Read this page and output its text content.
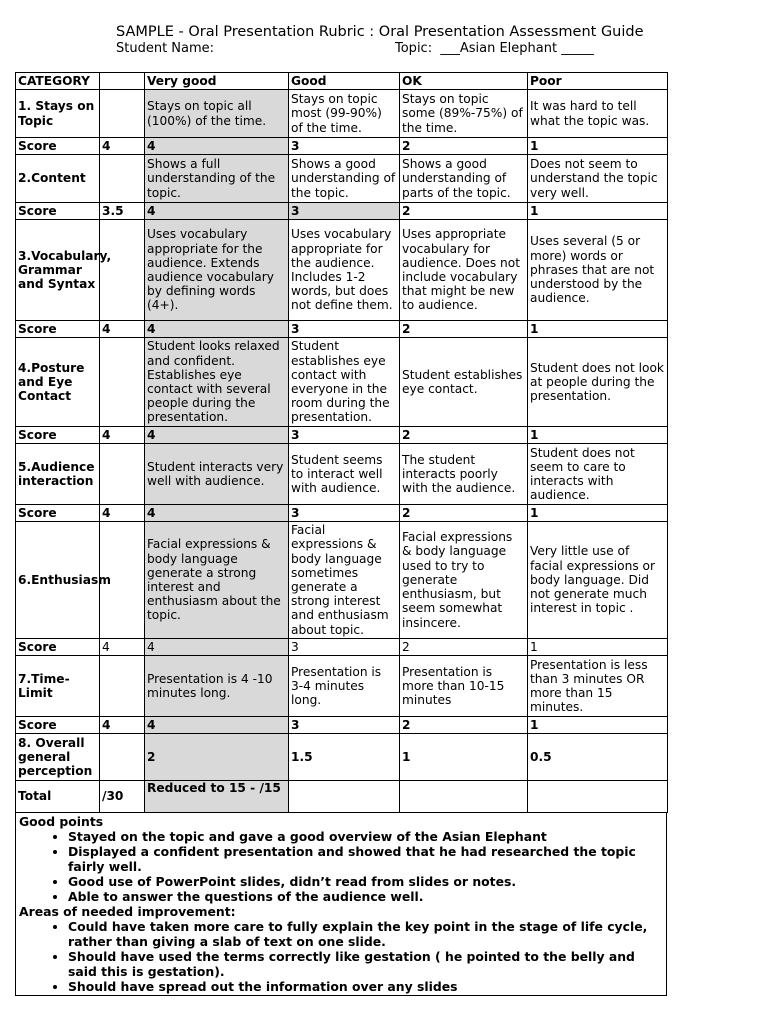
SAMPLE - Oral Presentation Rubric : Oral Presentation Assessment Guide
Student Name:	Topic:  ___Asian Elephant _____
CATEGORY		Very good	Good	OK	Poor
1. Stays on Topic		Stays on topic all (100%) of the time.	Stays on topic most (99-90%) of the time.	Stays on topic some (89%-75%) of the time.	It was hard to tell what the topic was.
Score	4	4	3	2	1
2.Content		Shows a full understanding of the topic.	Shows a good understanding of the topic.	Shows a good understanding of parts of the topic.	Does not seem to understand the topic very well.
Score	3.5	4	3	2	1
3.Vocabulary, Grammar and Syntax		Uses vocabulary appropriate for the audience. Extends audience vocabulary by defining words (4+).	Uses vocabulary appropriate for the audience. Includes 1-2 words, but does not define them.	Uses appropriate vocabulary for audience. Does not include vocabulary that might be new to audience.	Uses several (5 or more) words or phrases that are not understood by the audience.
Score	4	4	3	2	1
4.Posture and Eye Contact		Student looks relaxed and confident. Establishes eye contact with several people during the presentation.	Student establishes eye contact with everyone in the room during the presentation.	Student establishes eye contact.	Student does not look at people during the presentation.
Score	4	4	3	2	1
5.Audience interaction		Student interacts very well with audience.	Student seems to interact well with audience.	The student interacts poorly with the audience.	Student does not seem to care to interacts with audience.
Score	4	4	3	2	1
6.Enthusiasm		Facial expressions & body language generate a strong interest and enthusiasm about the topic.	Facial expressions & body language sometimes generate a strong interest and enthusiasm about topic.	Facial expressions & body language used to try to generate enthusiasm, but seem somewhat insincere.	Very little use of facial expressions or body language. Did not generate much interest in topic .
Score	4	4	3	2	1
7.Time-Limit		Presentation is 4 -10 minutes long.	Presentation is 3-4 minutes long.	Presentation is more than 10-15 minutes	Presentation is less than 3 minutes OR more than 15 minutes.
Score	4	4	3	2	1
8. Overall general perception		2	1.5	1	0.5
Total	/30	Reduced to 15 - /15			
Good points
• Stayed on the topic and gave a good overview of the Asian Elephant
• Displayed a confident presentation and showed that he had researched the topic fairly well.
• Good use of PowerPoint slides, didn’t read from slides or notes.
• Able to answer the questions of the audience well.
Areas of needed improvement:
• Could have taken more care to fully explain the key point in the stage of life cycle, rather than giving a slab of text on one slide.
• Should have used the terms correctly like gestation ( he pointed to the belly and said this is gestation).
• Should have spread out the information over any slides
